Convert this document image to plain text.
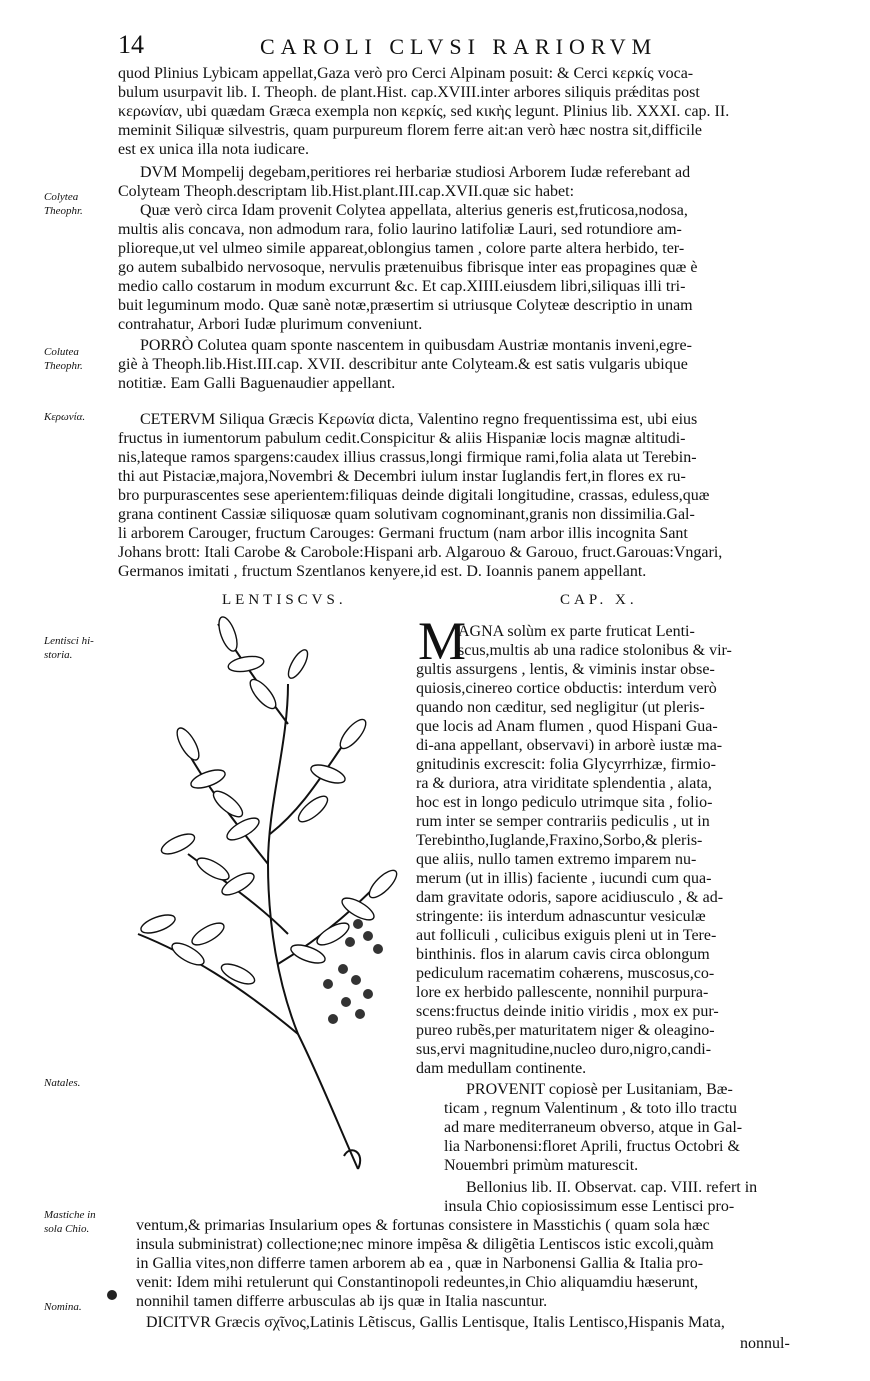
14	CAROLI CLVSI RARIORVM
quod Plinius Lybicam appellat,Gaza verò pro Cerci Alpinam posuit: & Cerci κερκίς voca-
bulum usurpavit lib. I. Theoph. de plant.Hist. cap.XVIII.inter arbores siliquis prǽditas post
κερωνίαν, ubi quædam Græca exempla non κερκίς, sed κικὴς legunt. Plinius lib. XXXI. cap. II.
meminit Siliquæ silvestris, quam purpureum florem ferre ait:an verò hæc nostra sit,difficile
est ex unica illa nota iudicare.
DVM Mompelij degebam,peritiores rei herbariæ studiosi Arborem Iudæ referebant ad
Colyteam Theoph.descriptam lib.Hist.plant.III.cap.XVII.quæ sic habet:
Quæ verò circa Idam provenit Colytea appellata, alterius generis est,fruticosa,nodosa,
multis alis concava, non admodum rara, folio laurino latifoliæ Lauri, sed rotundiore am-
plioreque,ut vel ulmeo simile appareat,oblongius tamen , colore parte altera herbido, ter-
go autem subalbido nervosoque, nervulis prætenuibus fibrisque inter eas propagines quæ è
medio callo costarum in modum excurrunt &c. Et cap.XIIII.eiusdem libri,siliquas illi tri-
buit leguminum modo. Quæ sanè notæ,præsertim si utriusque Colyteæ descriptio in unam
contrahatur, Arbori Iudæ plurimum conveniunt.
PORRÒ Colutea quam sponte nascentem in quibusdam Austriæ montanis inveni,egre-
giè à Theoph.lib.Hist.III.cap. XVII. describitur ante Colyteam.& est satis vulgaris ubique
notitiæ. Eam Galli Baguenaudier appellant.
CETERVM Siliqua Græcis Κερωνία dicta, Valentino regno frequentissima est, ubi eius
fructus in iumentorum pabulum cedit.Conspicitur & aliis Hispaniæ locis magnæ altitudi-
nis,lateque ramos spargens:caudex illius crassus,longi firmique rami,folia alata ut Terebin-
thi aut Pistaciæ,majora,Novembri & Decembri iulum instar Iuglandis fert,in flores ex ru-
bro purpurascentes sese aperientem:filiquas deinde digitali longitudine, crassas, eduless,quæ
grana continent Cassiæ siliquosæ quam solutivam cognominant,granis non dissimilia.Gal-
li arborem Carouger, fructum Carouges: Germani fructum (nam arbor illis incognita Sant
Johans brott: Itali Carobe & Carobole:Hispani arb. Algarouo & Garouo, fruct.Garouas:Vngari,
Germanos imitati , fructum Szentlanos kenyere,id est. D. Ioannis panem appellant.
LENTISCVS.	CAP. X.
M
AGNA solùm ex parte fruticat Lenti-
scus,multis ab una radice stolonibus & vir-
gultis assurgens , lentis, & viminis instar obse-
quiosis,cinereo cortice obductis: interdum verò
quando non cæditur, sed negligitur (ut pleris-
que locis ad Anam flumen , quod Hispani Gua-
di-ana appellant, observavi) in arborè iustæ ma-
gnitudinis excrescit: folia Glycyrrhizæ, firmio-
ra & duriora, atra viriditate splendentia , alata,
hoc est in longo pediculo utrimque sita , folio-
rum inter se semper contrariis pediculis , ut in
Terebintho,Iuglande,Fraxino,Sorbo,& pleris-
que aliis, nullo tamen extremo imparem nu-
merum (ut in illis) faciente , iucundi cum qua-
dam gravitate odoris, sapore acidiusculo , & ad-
stringente: iis interdum adnascuntur vesiculæ
aut folliculi , culicibus exiguis pleni ut in Tere-
binthinis. flos in alarum cavis circa oblongum
pediculum racematim cohærens, muscosus,co-
lore ex herbido pallescente, nonnihil purpura-
scens:fructus deinde initio viridis , mox ex pur-
pureo rubẽs,per maturitatem niger & oleagino-
sus,ervi magnitudine,nucleo duro,nigro,candi-
dam medullam continente.
PROVENIT copiosè per Lusitaniam, Bæ-
ticam , regnum Valentinum , & toto illo tractu
ad mare mediterraneum obverso, atque in Gal-
lia Narbonensi:floret Aprili, fructus Octobri &
Nouembri primùm maturescit.
Bellonius lib. II. Observat. cap. VIII. refert in
insula Chio copiosissimum esse Lentisci pro-
ventum,& primarias Insularium opes & fortunas consistere in Masstichis ( quam sola hæc
insula subministrat) collectione;nec minore impẽsa & diligẽtia Lentiscos istic excoli,quàm
in Gallia vites,non differre tamen arborem ab ea , quæ in Narbonensi Gallia & Italia pro-
venit: Idem mihi retulerunt qui Constantinopoli redeuntes,in Chio aliquamdiu hæserunt,
nonnihil tamen differre arbusculas ab ijs quæ in Italia nascuntur.
DICITVR Græcis σχῖνος,Latinis Lẽtiscus, Gallis Lentisque, Italis Lentisco,Hispanis Mata,
nonnul-
Colytea
Theophr.
Colutea
Theophr.
Κερωνία.
Lentisci hi-
storia.
Natales.
Mastiche in
sola Chio.
Nomina.
